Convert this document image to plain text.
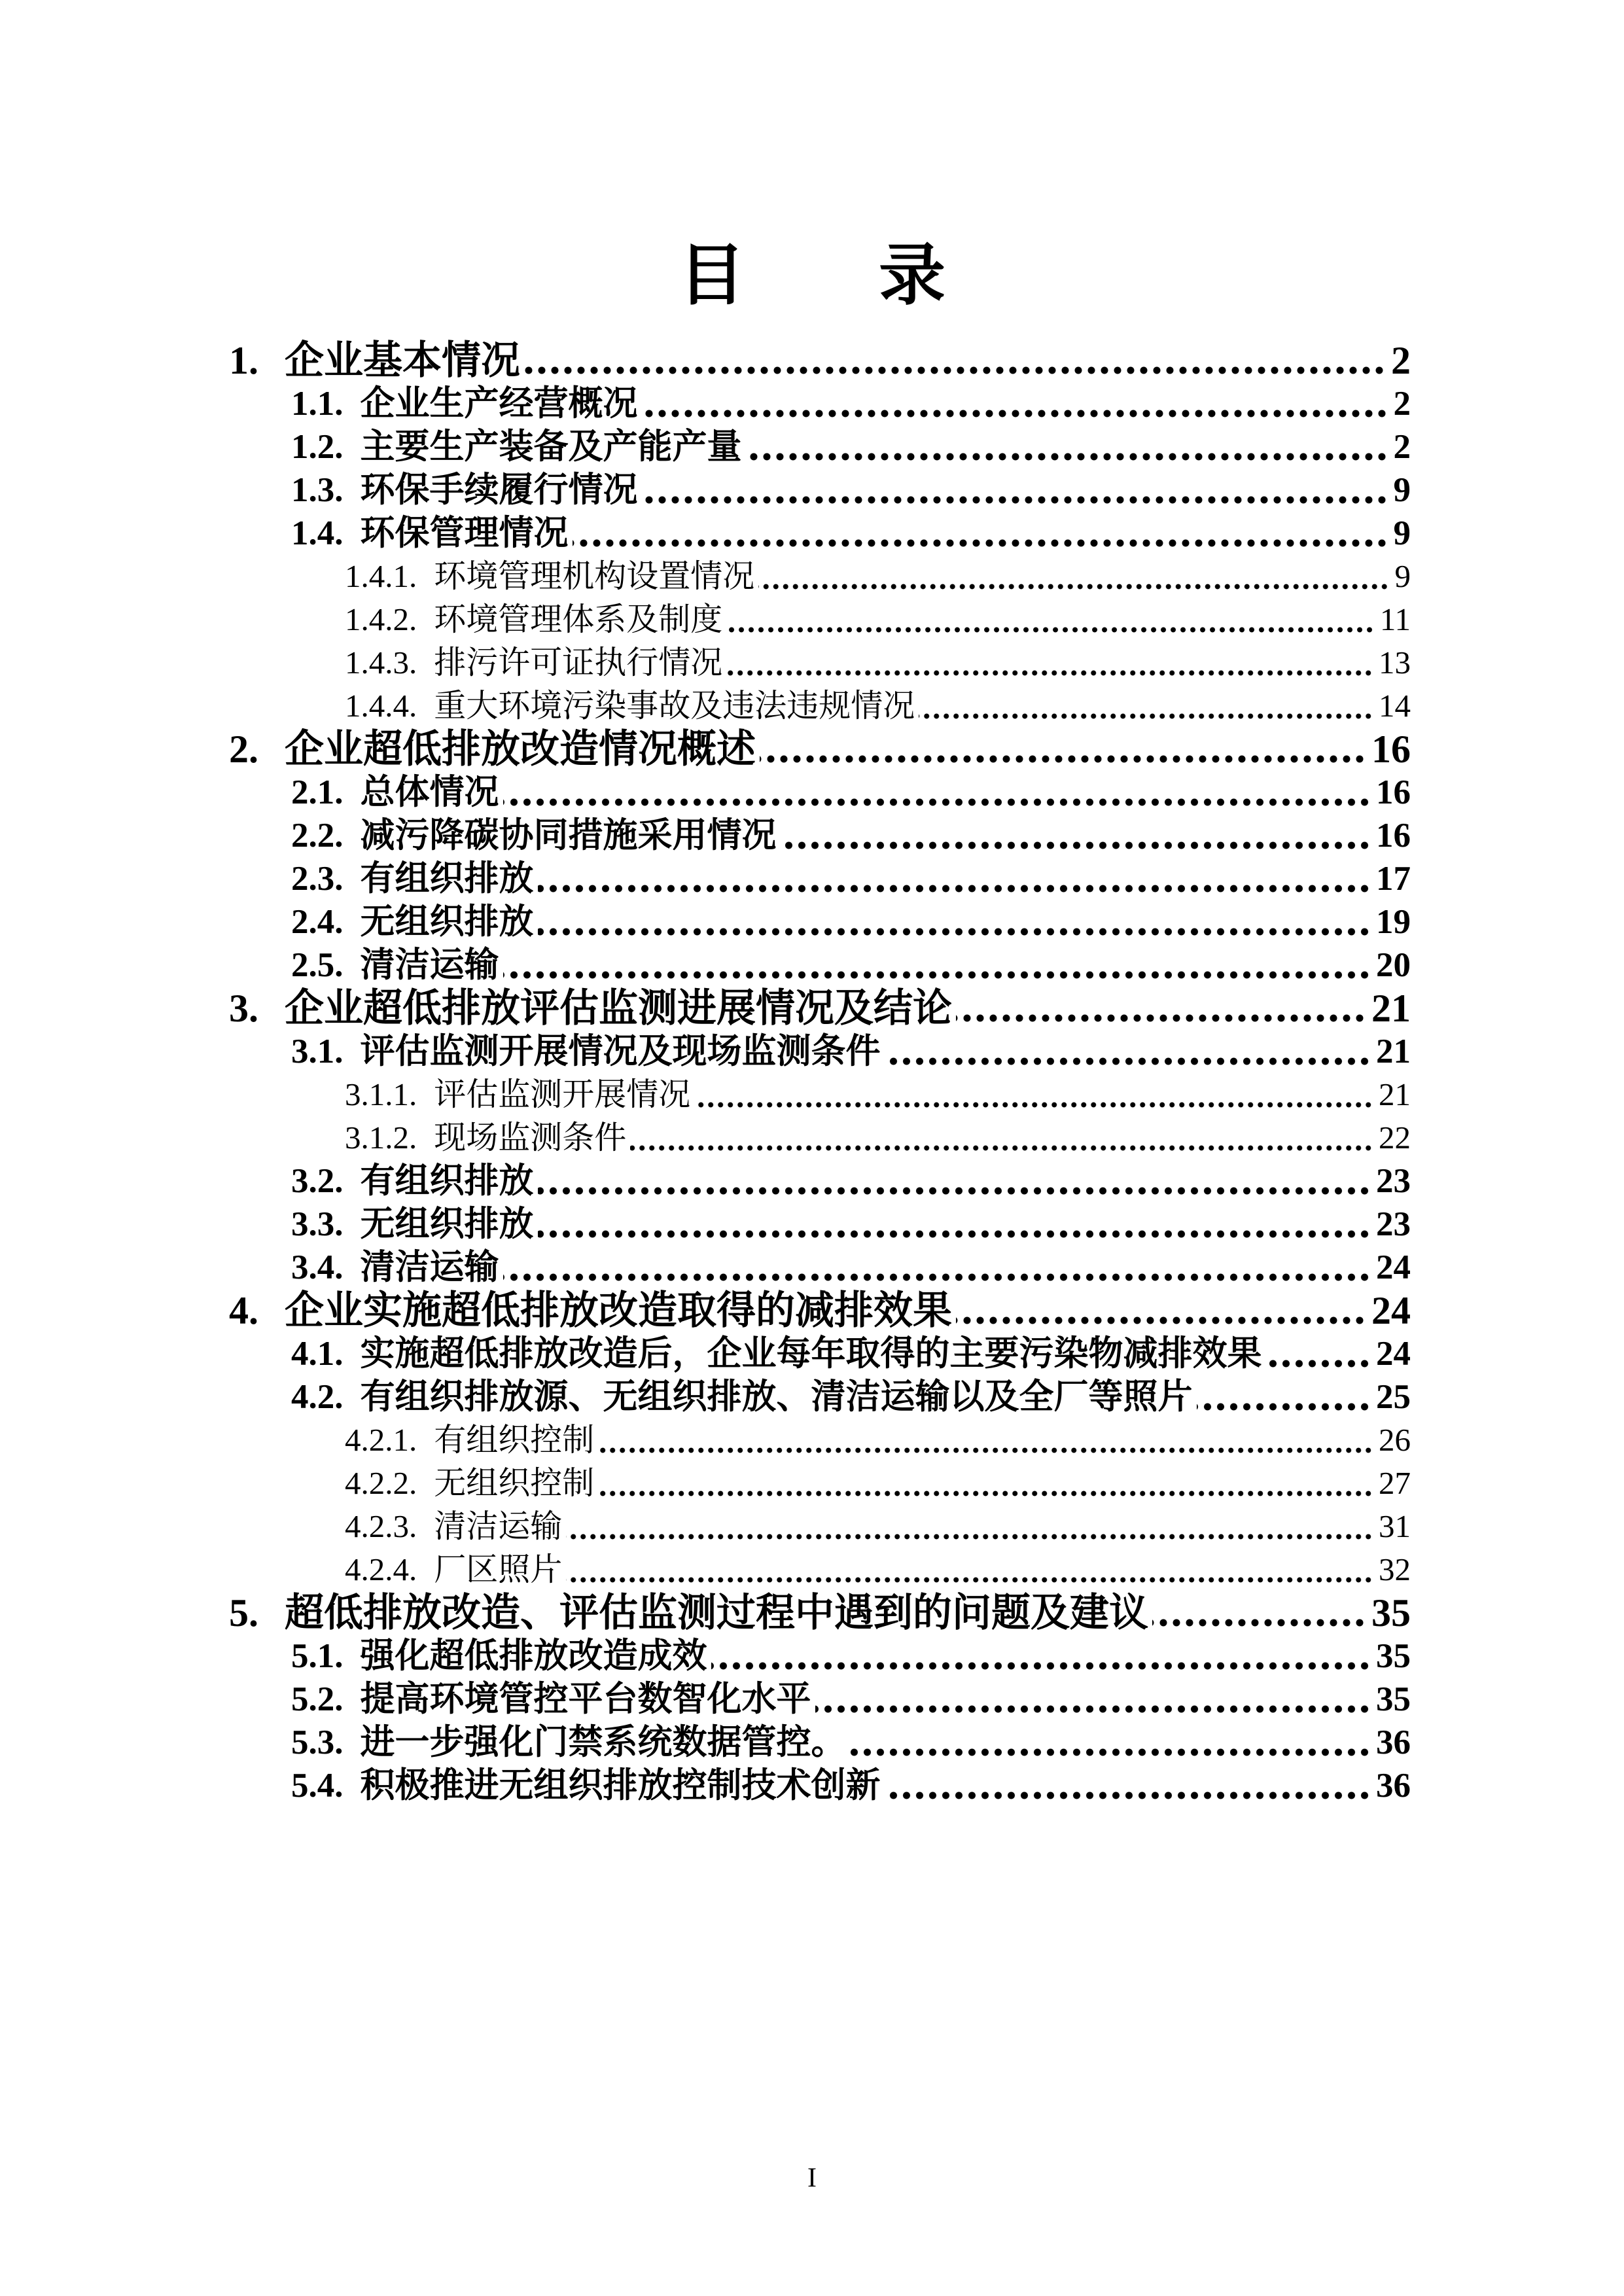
目　　录
1. 企业基本情况	2
1.1. 企业生产经营概况	2
1.2. 主要生产装备及产能产量	2
1.3. 环保手续履行情况	9
1.4. 环保管理情况	9
1.4.1. 环境管理机构设置情况	9
1.4.2. 环境管理体系及制度	11
1.4.3. 排污许可证执行情况	13
1.4.4. 重大环境污染事故及违法违规情况	14
2. 企业超低排放改造情况概述	16
2.1. 总体情况	16
2.2. 减污降碳协同措施采用情况	16
2.3. 有组织排放	17
2.4. 无组织排放	19
2.5. 清洁运输	20
3. 企业超低排放评估监测进展情况及结论	21
3.1. 评估监测开展情况及现场监测条件	21
3.1.1. 评估监测开展情况	21
3.1.2. 现场监测条件	22
3.2. 有组织排放	23
3.3. 无组织排放	23
3.4. 清洁运输	24
4. 企业实施超低排放改造取得的减排效果	24
4.1. 实施超低排放改造后，企业每年取得的主要污染物减排效果	24
4.2. 有组织排放源、无组织排放、清洁运输以及全厂等照片	25
4.2.1. 有组织控制	26
4.2.2. 无组织控制	27
4.2.3. 清洁运输	31
4.2.4. 厂区照片	32
5. 超低排放改造、评估监测过程中遇到的问题及建议	35
5.1. 强化超低排放改造成效	35
5.2. 提高环境管控平台数智化水平	35
5.3. 进一步强化门禁系统数据管控。	36
5.4. 积极推进无组织排放控制技术创新	36
I
